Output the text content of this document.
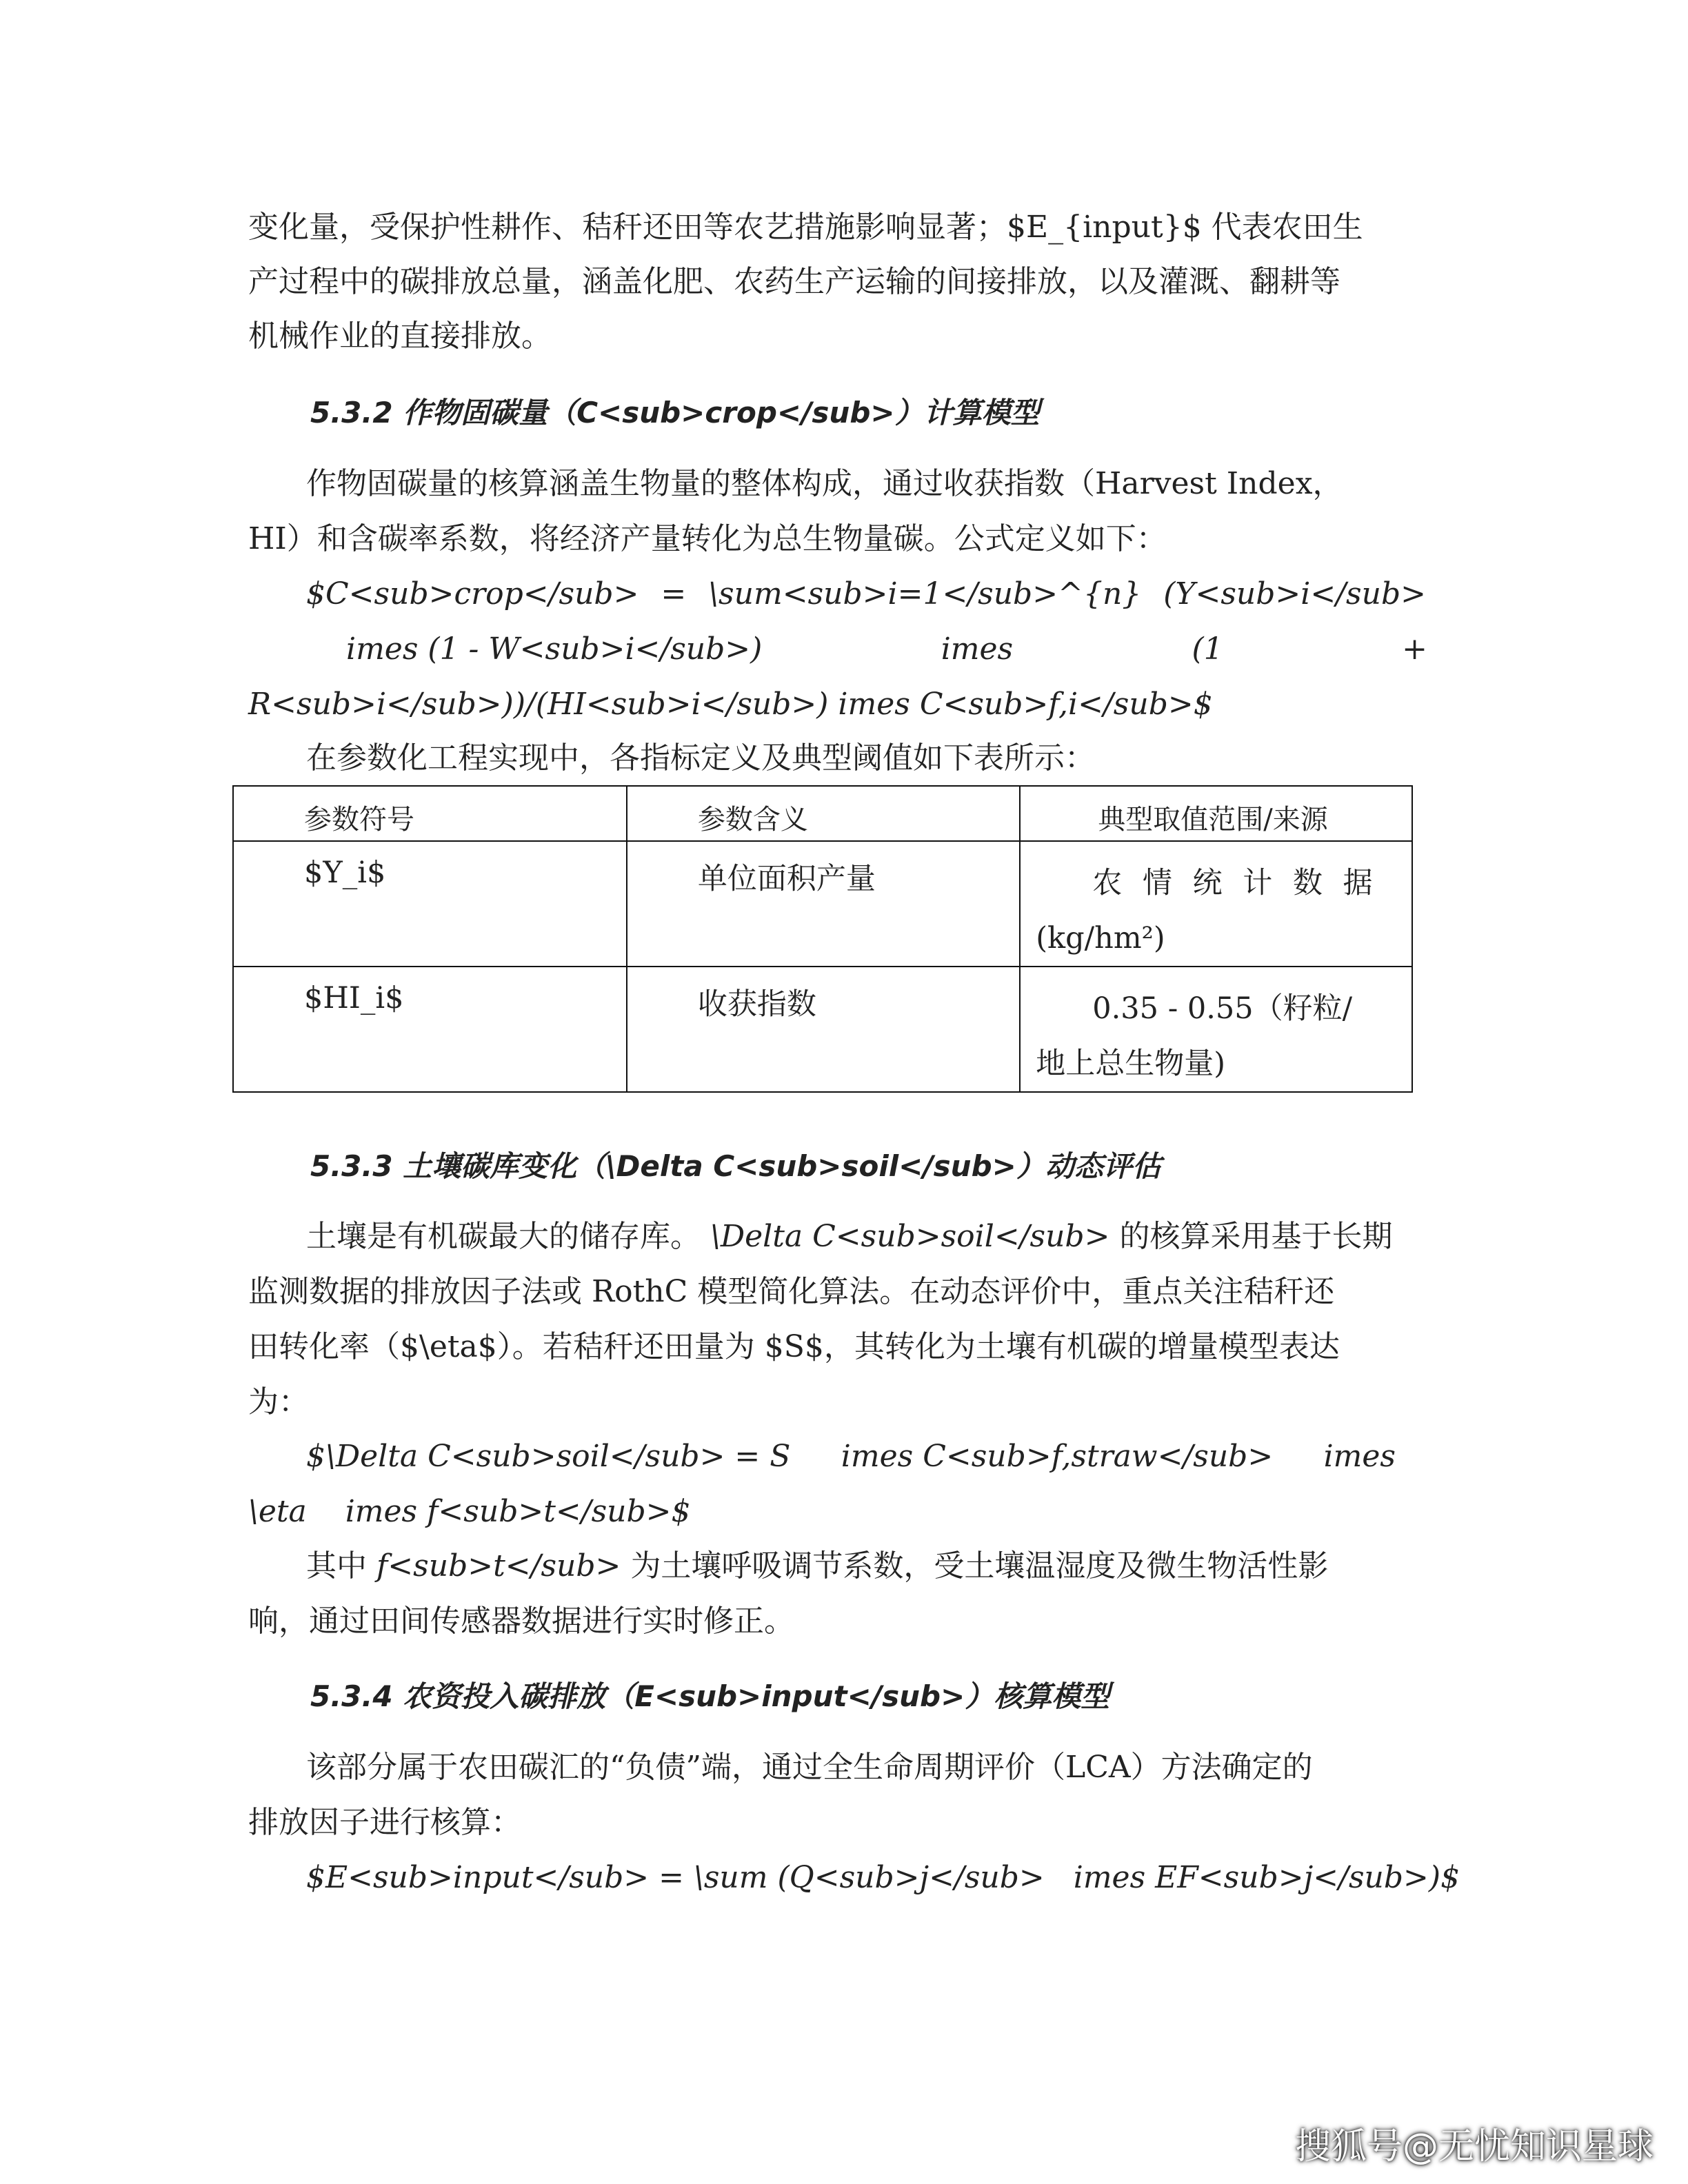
变化量，受保护性耕作、秸秆还田等农艺措施影响显著；$E_{input}$ 代表农田生
产过程中的碳排放总量，涵盖化肥、农药生产运输的间接排放，以及灌溉、翻耕等
机械作业的直接排放。
5.3.2 作物固碳量（C<sub>crop</sub>）计算模型
作物固碳量的核算涵盖生物量的整体构成，通过收获指数（Harvest Index，
HI）和含碳率系数，将经济产量转化为总生物量碳。公式定义如下：
$C<sub>crop</sub> = \sum<sub>i=1</sub>^{n} (Y<sub>i</sub>
imes (1 - W<sub>i</sub>)	imes	(1	+
R<sub>i</sub>))/(HI<sub>i</sub>) imes C<sub>f,i</sub>$
在参数化工程实现中，各指标定义及典型阈值如下表所示：
参数符号	参数含义	典型取值范围/来源

$Y_i$	单位面积产量	农 情 统 计 数 据
(kg/hm²)

$HI_i$	收获指数	0.35 - 0.55（籽粒/
地上总生物量)
5.3.3 土壤碳库变化（\Delta C<sub>soil</sub>）动态评估
土壤是有机碳最大的储存库。 \Delta C<sub>soil</sub> 的核算采用基于长期
监测数据的排放因子法或 RothC 模型简化算法。在动态评价中，重点关注秸秆还
田转化率（$\eta$）。若秸秆还田量为 $S$，其转化为土壤有机碳的增量模型表达
为：
$\Delta C<sub>soil</sub> = S imes C<sub>f,straw</sub> imes
\eta    imes f<sub>t</sub>$
其中 f<sub>t</sub> 为土壤呼吸调节系数，受土壤温湿度及微生物活性影
响，通过田间传感器数据进行实时修正。
5.3.4 农资投入碳排放（E<sub>input</sub>）核算模型
该部分属于农田碳汇的“负债”端，通过全生命周期评价（LCA）方法确定的
排放因子进行核算：
$E<sub>input</sub> = \sum (Q<sub>j</sub>   imes EF<sub>j</sub>)$
搜狐号@无忧知识星球
